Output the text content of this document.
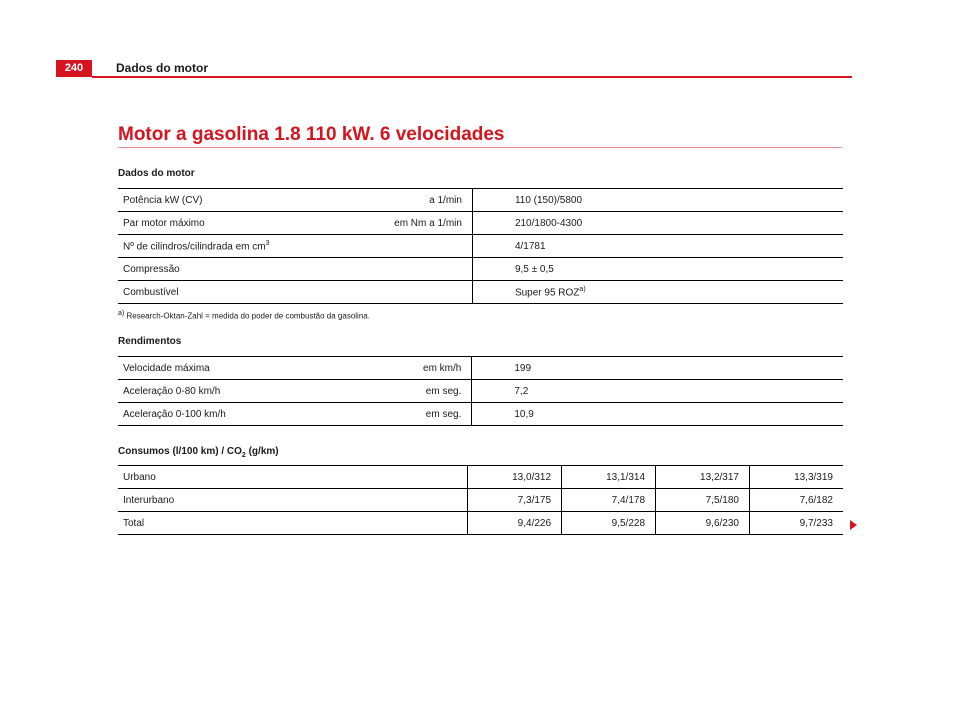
240	Dados do motor
Motor a gasolina 1.8 110 kW. 6 velocidades
Dados do motor
Potência kW (CV)	a 1/min	110 (150)/5800
Par motor máximo	em Nm a 1/min	210/1800-4300
Nº de cilindros/cilindrada em $cm^3$		4/1781
Compressão		9,5 ± 0,5
Combustível		Super 95 ROZ$^{a)}$
$^{a)}$ Research-Oktan-Zahl = medida do poder de combustão da gasolina.
Rendimentos
Velocidade máxima	em km/h	199
Aceleração 0-80 km/h	em seg.	7,2
Aceleração 0-100 km/h	em seg.	10,9
Consumos (l/100 $km) / CO_2$ (g/km)
Urbano	13,0/312	13,1/314	13,2/317	13,3/319
Interurbano	7,3/175	7,4/178	7,5/180	7,6/182
Total	9,4/226	9,5/228	9,6/230	9,7/233
